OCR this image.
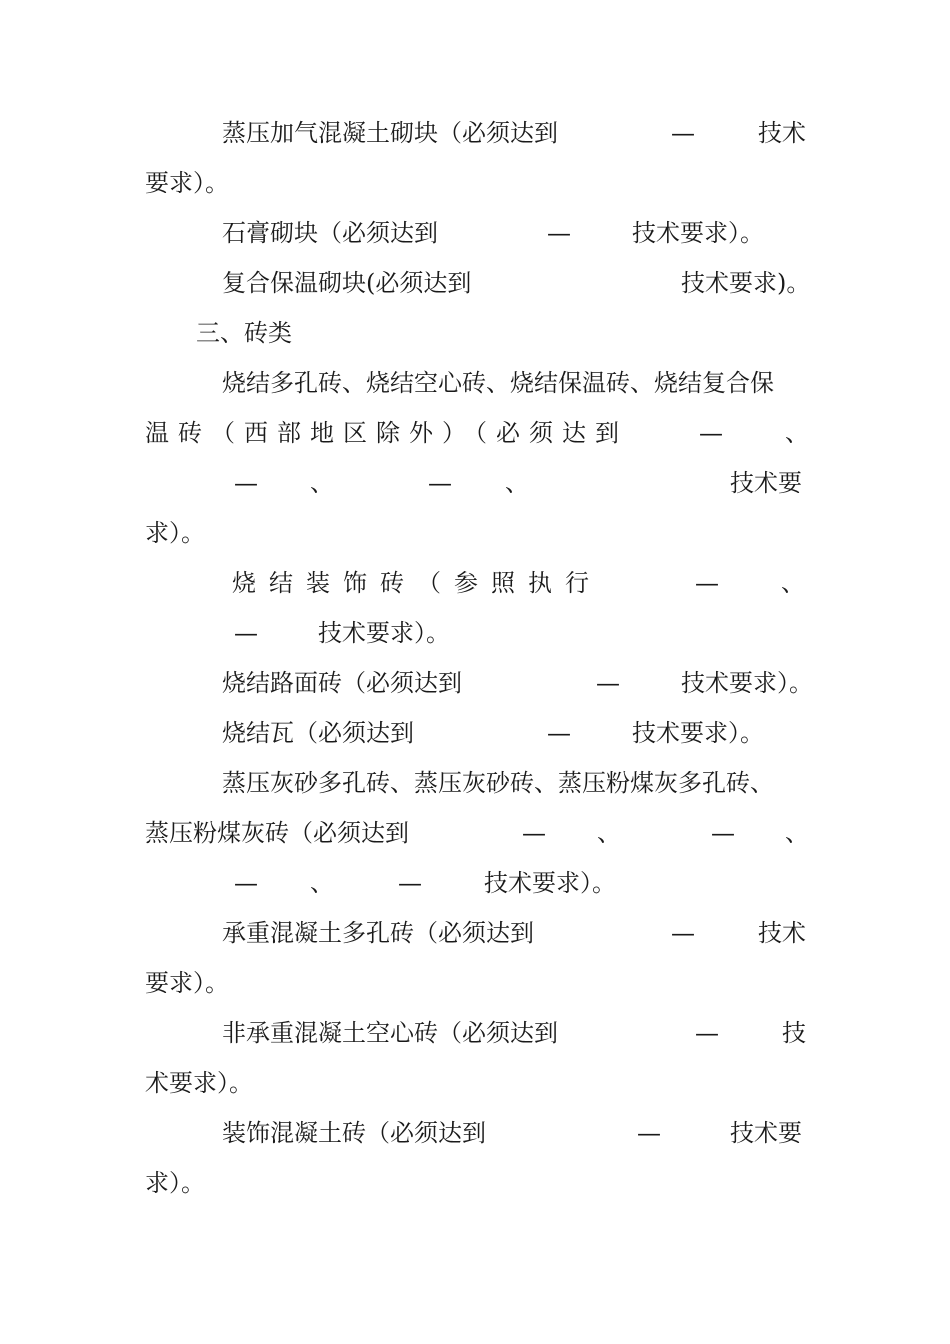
蒸压加气混凝土砌块（必须达到	—	技术

要求）。

石膏砌块（必须达到	—	技术要求）。

复合保温砌块(必须达到	技术要求)。

三、砖类

烧结多孔砖、烧结空心砖、烧结保温砖、烧结复合保

温砖（西部地区除外）（必须达到	—	、

— 、	— 、	技术要

求）。

烧结装饰砖（参照执行	—	、

—	技术要求）。

烧结路面砖（必须达到	—	技术要求）。

烧结瓦（必须达到	—	技术要求）。

蒸压灰砂多孔砖、蒸压灰砂砖、蒸压粉煤灰多孔砖、

蒸压粉煤灰砖（必须达到	— 、	— 、

— 、	—	技术要求）。

承重混凝土多孔砖（必须达到	—	技术

要求）。

非承重混凝土空心砖（必须达到	—	技

术要求）。

装饰混凝土砖（必须达到	—	技术要

求）。
